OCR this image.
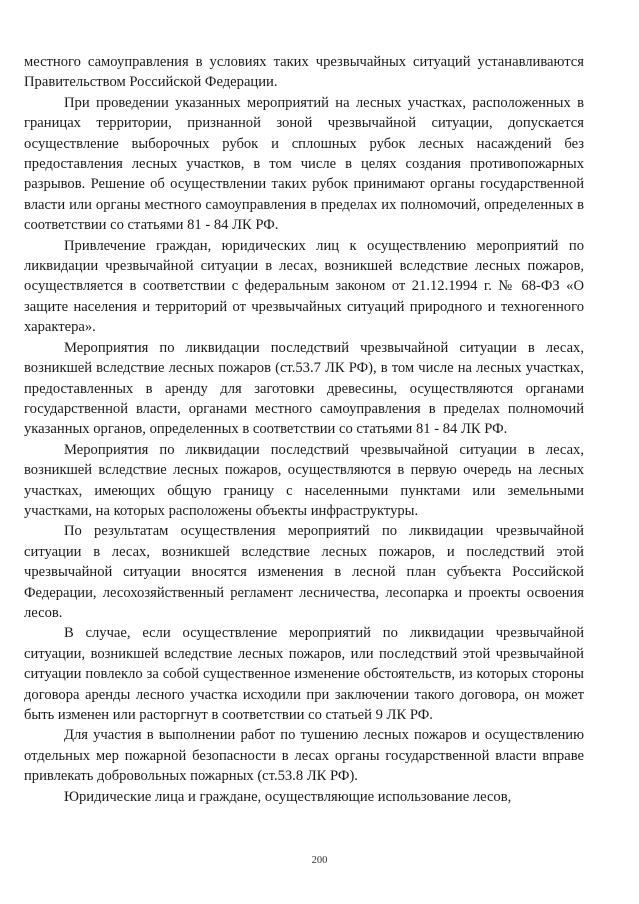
местного самоуправления в условиях таких чрезвычайных ситуаций устанавливаются Правительством Российской Федерации.

При проведении указанных мероприятий на лесных участках, расположенных в границах территории, признанной зоной чрезвычайной ситуации, допускается осуществление выборочных рубок и сплошных рубок лесных насаждений без предоставления лесных участков, в том числе в целях создания противопожарных разрывов. Решение об осуществлении таких рубок принимают органы государственной власти или органы местного самоуправления в пределах их полномочий, определенных в соответствии со статьями 81 - 84 ЛК РФ.

Привлечение граждан, юридических лиц к осуществлению мероприятий по ликвидации чрезвычайной ситуации в лесах, возникшей вследствие лесных пожаров, осуществляется в соответствии с федеральным законом от 21.12.1994 г. № 68-ФЗ «О защите населения и территорий от чрезвычайных ситуаций природного и техногенного характера».

Мероприятия по ликвидации последствий чрезвычайной ситуации в лесах, возникшей вследствие лесных пожаров (ст.53.7 ЛК РФ), в том числе на лесных участках, предоставленных в аренду для заготовки древесины, осуществляются органами государственной власти, органами местного самоуправления в пределах полномочий указанных органов, определенных в соответствии со статьями 81 - 84 ЛК РФ.

Мероприятия по ликвидации последствий чрезвычайной ситуации в лесах, возникшей вследствие лесных пожаров, осуществляются в первую очередь на лесных участках, имеющих общую границу с населенными пунктами или земельными участками, на которых расположены объекты инфраструктуры.

По результатам осуществления мероприятий по ликвидации чрезвычайной ситуации в лесах, возникшей вследствие лесных пожаров, и последствий этой чрезвычайной ситуации вносятся изменения в лесной план субъекта Российской Федерации, лесохозяйственный регламент лесничества, лесопарка и проекты освоения лесов.

В случае, если осуществление мероприятий по ликвидации чрезвычайной ситуации, возникшей вследствие лесных пожаров, или последствий этой чрезвычайной ситуации повлекло за собой существенное изменение обстоятельств, из которых стороны договора аренды лесного участка исходили при заключении такого договора, он может быть изменен или расторгнут в соответствии со статьей 9 ЛК РФ.

Для участия в выполнении работ по тушению лесных пожаров и осуществлению отдельных мер пожарной безопасности в лесах органы государственной власти вправе привлекать добровольных пожарных (ст.53.8 ЛК РФ).

Юридические лица и граждане, осуществляющие использование лесов,

200
